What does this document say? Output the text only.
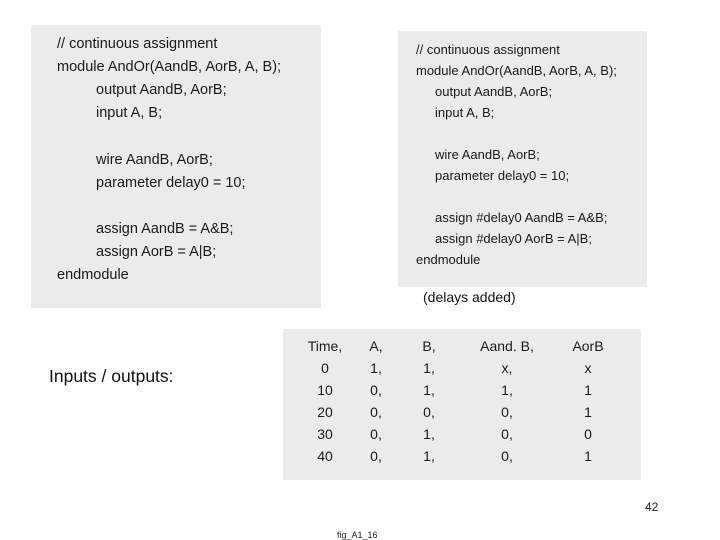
// continuous assignment
module AndOr(AandB, AorB, A, B);
output AandB, AorB;
input A, B;
wire AandB, AorB;
parameter delay0 = 10;
assign AandB = A&B;
assign AorB = A|B;
endmodule
// continuous assignment
module AndOr(AandB, AorB, A, B);
output AandB, AorB;
input A, B;
wire AandB, AorB;
parameter delay0 = 10;
assign #delay0 AandB = A&B;
assign #delay0 AorB = A|B;
endmodule
(delays added)
Inputs / outputs:
Time,	A,	B,	Aand. B,	AorB
0	1,	1,	x,	x
10	0,	1,	1,	1
20	0,	0,	0,	1
30	0,	1,	0,	0
40	0,	1,	0,	1
42
fig_A1_16
